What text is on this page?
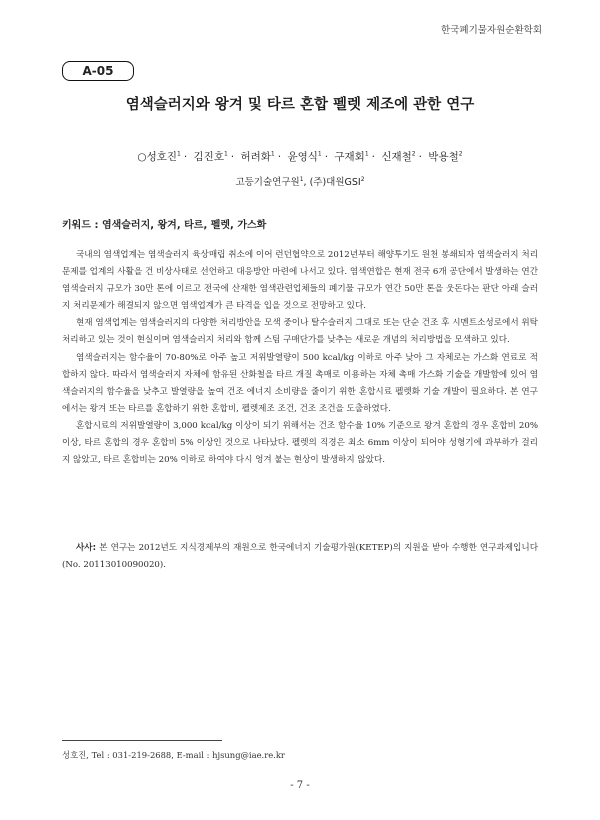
한국폐기물자원순환학회
A-05
염색슬러지와 왕겨 및 타르 혼합 펠렛 제조에 관한 연구
○성호진$^1$ · 김진호$^1$ · 허려화$^1$ · 윤영식$^1$ · 구재회$^1$ · 신재철$^2$ · 박용철$^2$
고등기술연구원$^1$, (주)대원GSI$^2$
키워드 : 염색슬러지, 왕겨, 타르, 펠렛, 가스화

국내의 염색업계는 염색슬러지 육상매립 취소에 이어 런던협약으로 2012년부터 해양투기도 원천 봉쇄되자 염색슬러지 처리문제를 업계의 사활을 건 비상사태로 선언하고 대응방안 마련에 나서고 있다. 염색연합은 현재 전국 6개 공단에서 발생하는 연간 염색슬러지 규모가 30만 톤에 이르고 전국에 산재한 염색관련업체들의 폐기물 규모가 연간 50만 톤을 웃돈다는 판단 아래 슬러지 처리문제가 해결되지 않으면 염색업계가 큰 타격을 입을 것으로 전망하고 있다.

현재 염색업계는 염색슬러지의 다양한 처리방안을 모색 중이나 탈수슬러지 그대로 또는 단순 건조 후 시멘트소성로에서 위탁처리하고 있는 것이 현실이며 염색슬러지 처리와 함께 스팀 구매단가를 낮추는 새로운 개념의 처리방법을 모색하고 있다.

염색슬러지는 함수율이 70-80%로 아주 높고 저위발열량이 500 kcal/kg 이하로 아주 낮아 그 자체로는 가스화 연료로 적합하지 않다. 따라서 염색슬러지 자체에 함유된 산화철을 타르 개질 촉매로 이용하는 자체 촉매 가스화 기술을 개발함에 있어 염색슬러지의 함수율을 낮추고 발열량을 높여 건조 에너지 소비량을 줄이기 위한 혼합시료 펠렛화 기술 개발이 필요하다. 본 연구에서는 왕겨 또는 타르를 혼합하기 위한 혼합비, 펠렛제조 조건, 건조 조건을 도출하였다.

혼합시료의 저위발열량이 3,000 kcal/kg 이상이 되기 위해서는 건조 함수율 10% 기준으로 왕겨 혼합의 경우 혼합비 20% 이상, 타르 혼합의 경우 혼합비 5% 이상인 것으로 나타났다. 펠렛의 직경은 최소 6mm 이상이 되어야 성형기에 과부하가 걸리지 않았고, 타르 혼합비는 20% 이하로 하여야 다시 엉겨 붙는 현상이 발생하지 않았다.

사사: 본 연구는 2012년도 지식경제부의 재원으로 한국에너지 기술평가원(KETEP)의 지원을 받아 수행한 연구과제입니다(No. 20113010090020).

성호진, Tel : 031-219-2688, E-mail : hjsung@iae.re.kr
- 7 -
